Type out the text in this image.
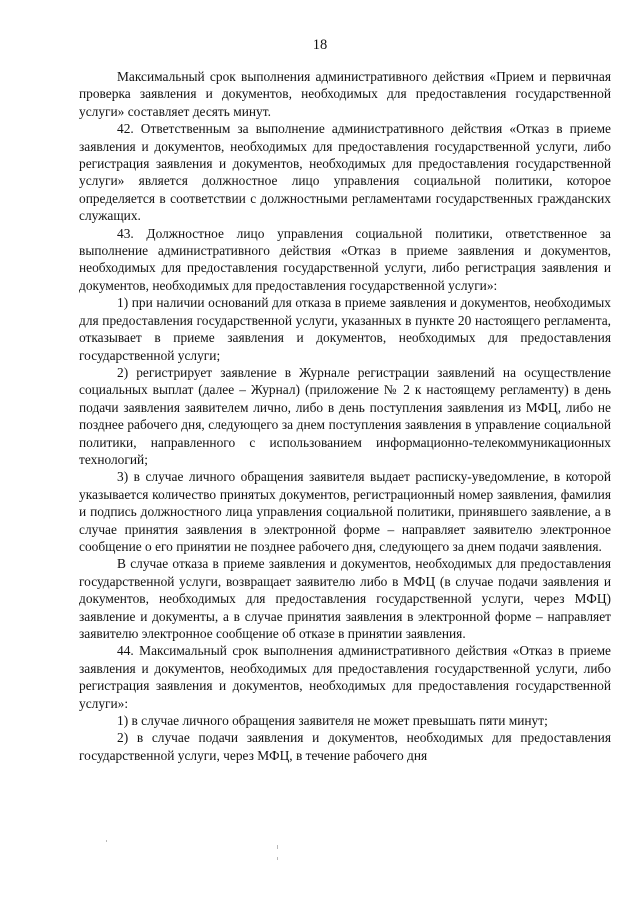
18

Максимальный срок выполнения административного действия «Прием и первичная проверка заявления и документов, необходимых для предоставления государственной услуги» составляет десять минут.

42. Ответственным за выполнение административного действия «Отказ в приеме заявления и документов, необходимых для предоставления государственной услуги, либо регистрация заявления и документов, необходимых для предоставления государственной услуги» является должностное лицо управления социальной политики, которое определяется в соответствии с должностными регламентами государственных гражданских служащих.

43. Должностное лицо управления социальной политики, ответственное за выполнение административного действия «Отказ в приеме заявления и документов, необходимых для предоставления государственной услуги, либо регистрация заявления и документов, необходимых для предоставления государственной услуги»:

1) при наличии оснований для отказа в приеме заявления и документов, необходимых для предоставления государственной услуги, указанных в пункте 20 настоящего регламента, отказывает в приеме заявления и документов, необходимых для предоставления государственной услуги;

2) регистрирует заявление в Журнале регистрации заявлений на осуществление социальных выплат (далее – Журнал) (приложение № 2 к настоящему регламенту) в день подачи заявления заявителем лично, либо в день поступления заявления из МФЦ, либо не позднее рабочего дня, следующего за днем поступления заявления в управление социальной политики, направленного с использованием информационно-телекоммуникационных технологий;

3) в случае личного обращения заявителя выдает расписку-уведомление, в которой указывается количество принятых документов, регистрационный номер заявления, фамилия и подпись должностного лица управления социальной политики, принявшего заявление, а в случае принятия заявления в электронной форме – направляет заявителю электронное сообщение о его принятии не позднее рабочего дня, следующего за днем подачи заявления.

В случае отказа в приеме заявления и документов, необходимых для предоставления государственной услуги, возвращает заявителю либо в МФЦ (в случае подачи заявления и документов, необходимых для предоставления государственной услуги, через МФЦ) заявление и документы, а в случае принятия заявления в электронной форме – направляет заявителю электронное сообщение об отказе в принятии заявления.

44. Максимальный срок выполнения административного действия «Отказ в приеме заявления и документов, необходимых для предоставления государственной услуги, либо регистрация заявления и документов, необходимых для предоставления государственной услуги»:

1) в случае личного обращения заявителя не может превышать пяти минут;

2) в случае подачи заявления и документов, необходимых для предоставления государственной услуги, через МФЦ, в течение рабочего дня
